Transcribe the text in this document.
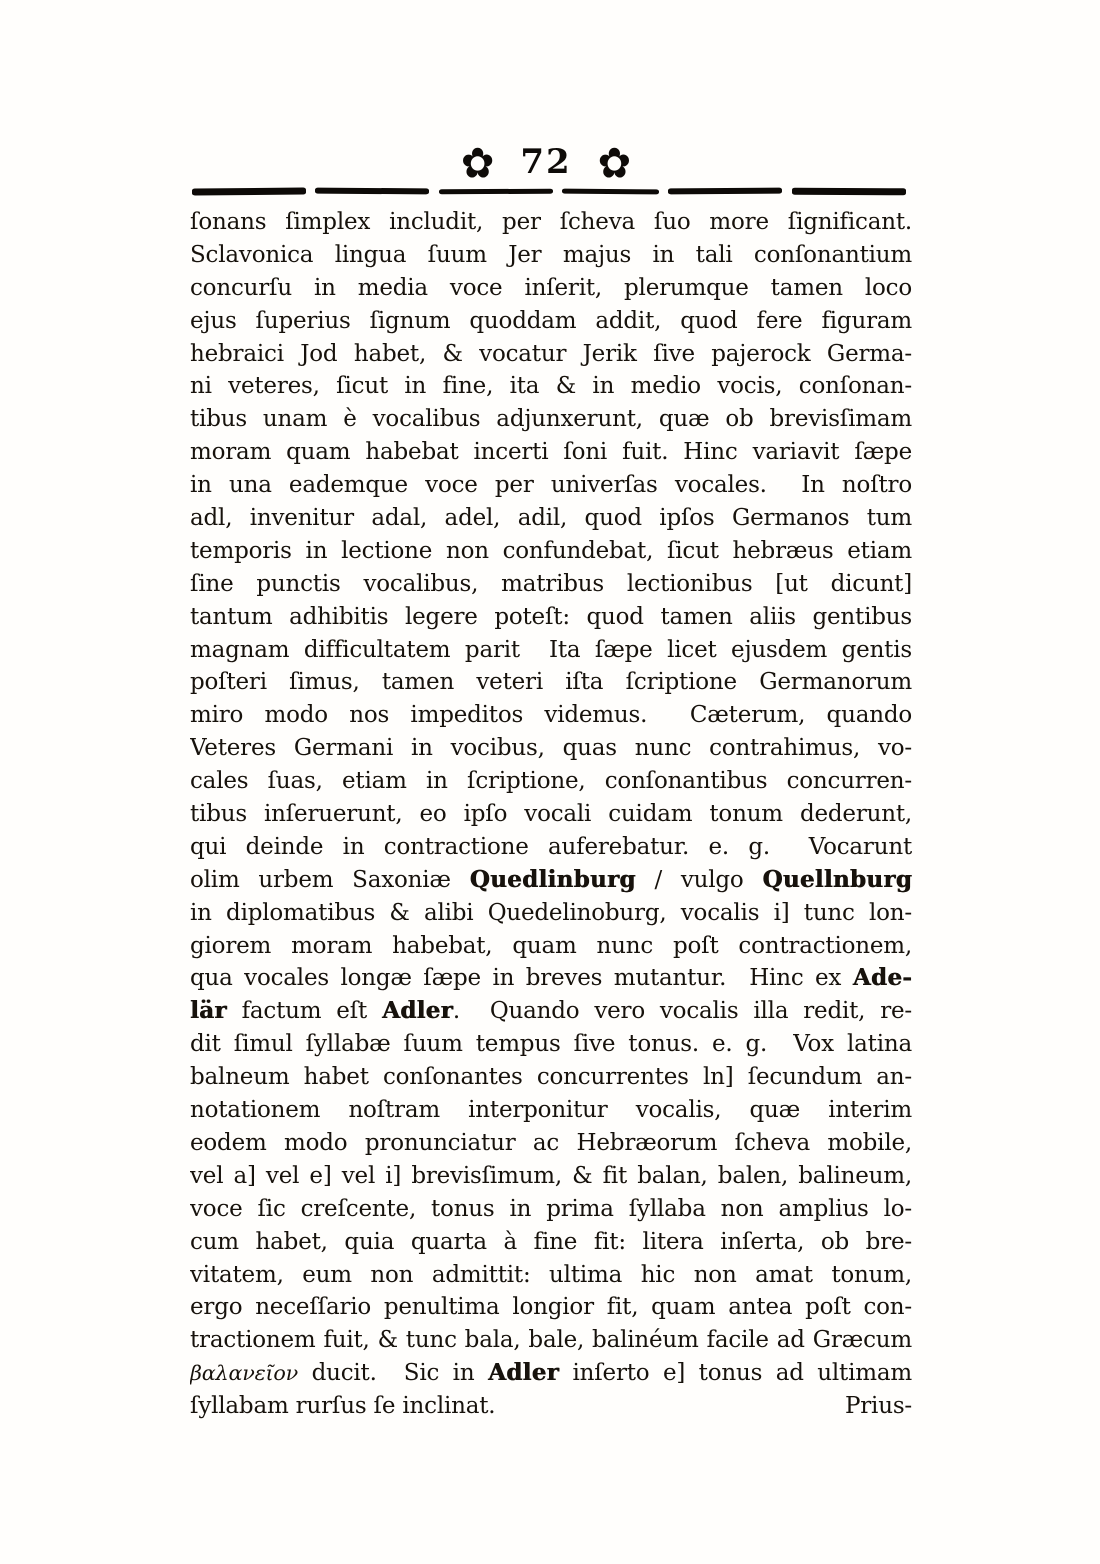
✿ 72 ✿
ſonans ſimplex includit, per ſcheva ſuo more ſignificant.
Sclavonica lingua ſuum Jer majus in tali conſonantium
concurſu in media voce inſerit, plerumque tamen loco
ejus ſuperius ſignum quoddam addit, quod fere figuram
hebraici Jod habet, & vocatur Jerik ſive pajerock Germa-
ni veteres, ſicut in fine, ita & in medio vocis, conſonan-
tibus unam è vocalibus adjunxerunt, quæ ob brevisſimam
moram quam habebat incerti ſoni fuit. Hinc variavit ſæpe
in una eademque voce per univerſas vocales.  In noſtro
adl, invenitur adal, adel, adil, quod ipſos Germanos tum
temporis in lectione non confundebat, ſicut hebræus etiam
ſine punctis vocalibus, matribus lectionibus [ut dicunt]
tantum adhibitis legere poteſt: quod tamen aliis gentibus
magnam difficultatem parit  Ita ſæpe licet ejusdem gentis
poſteri ſimus, tamen veteri iſta ſcriptione Germanorum
miro modo nos impeditos videmus.  Cæterum, quando
Veteres Germani in vocibus, quas nunc contrahimus, vo-
cales ſuas, etiam in ſcriptione, conſonantibus concurren-
tibus inſeruerunt, eo ipſo vocali cuidam tonum dederunt,
qui deinde in contractione auferebatur. e. g.  Vocarunt
olim urbem Saxoniæ Quedlinburg / vulgo Quellnburg
in diplomatibus & alibi Quedelinoburg, vocalis i] tunc lon-
giorem moram habebat, quam nunc poſt contractionem,
qua vocales longæ ſæpe in breves mutantur.  Hinc ex Ade-
lär factum eſt Adler.  Quando vero vocalis illa redit, re-
dit ſimul ſyllabæ ſuum tempus ſive tonus. e. g.  Vox latina
balneum habet conſonantes concurrentes ln] ſecundum an-
notationem noſtram interponitur vocalis, quæ interim
eodem modo pronunciatur ac Hebræorum ſcheva mobile,
vel a] vel e] vel i] brevisſimum, & fit balan, balen, balineum,
voce ſic creſcente, tonus in prima ſyllaba non amplius lo-
cum habet, quia quarta à fine fit: litera inſerta, ob bre-
vitatem, eum non admittit: ultima hic non amat tonum,
ergo neceſſario penultima longior fit, quam antea poſt con-
tractionem fuit, & tunc bala, bale, balinéum facile ad Græcum
βαλανεῖον ducit.  Sic in Adler inſerto e] tonus ad ultimam
ſyllabam rurſus ſe inclinat.	Prius-
